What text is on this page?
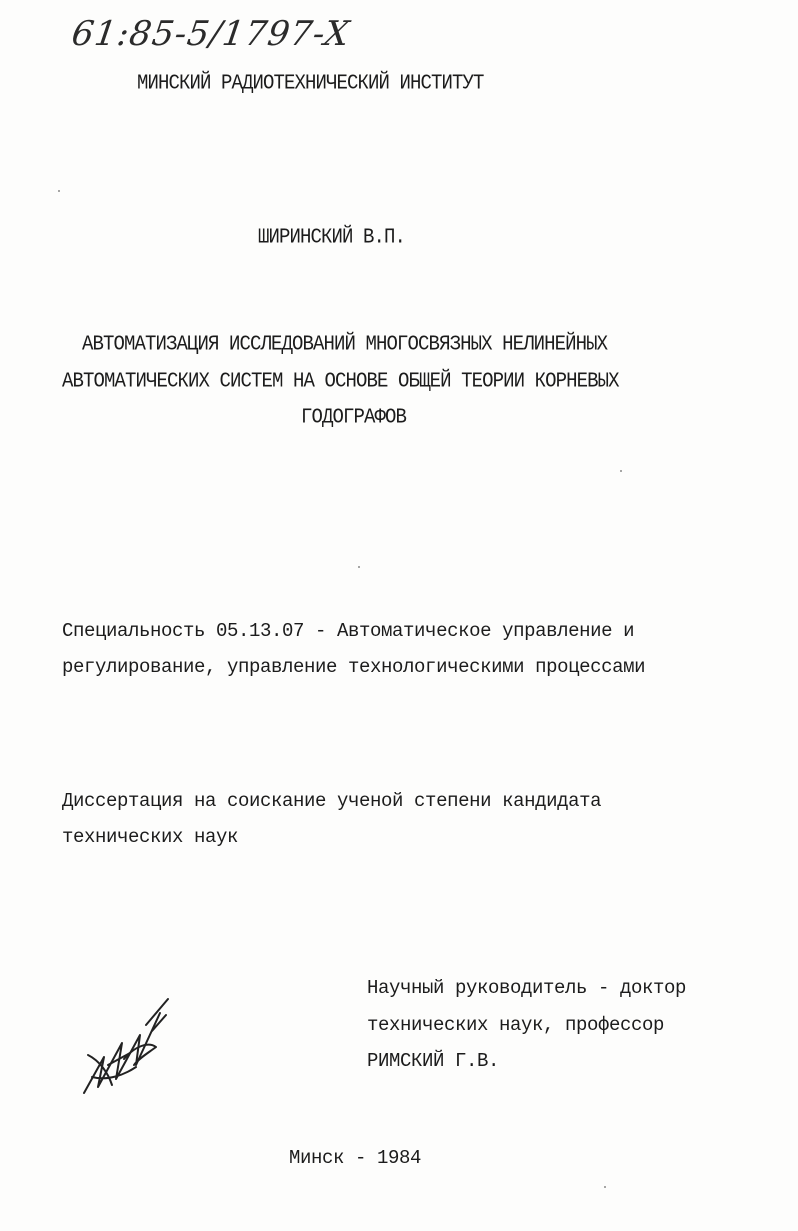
61:85-5/1797-X
МИНСКИЙ РАДИОТЕХНИЧЕСКИЙ ИНСТИТУТ
ШИРИНСКИЙ В.П.
АВТОМАТИЗАЦИЯ ИССЛЕДОВАНИЙ МНОГОСВЯЗНЫХ НЕЛИНЕЙНЫХ
АВТОМАТИЧЕСКИХ СИСТЕМ НА ОСНОВЕ ОБЩЕЙ ТЕОРИИ КОРНЕВЫХ
ГОДОГРАФОВ
Специальность 05.13.07 - Автоматическое управление и
регулирование, управление технологическими процессами
Диссертация на соискание ученой степени кандидата
технических наук
Научный руководитель - доктор
технических наук, профессор
РИМСКИЙ Г.В.
Минск - 1984
